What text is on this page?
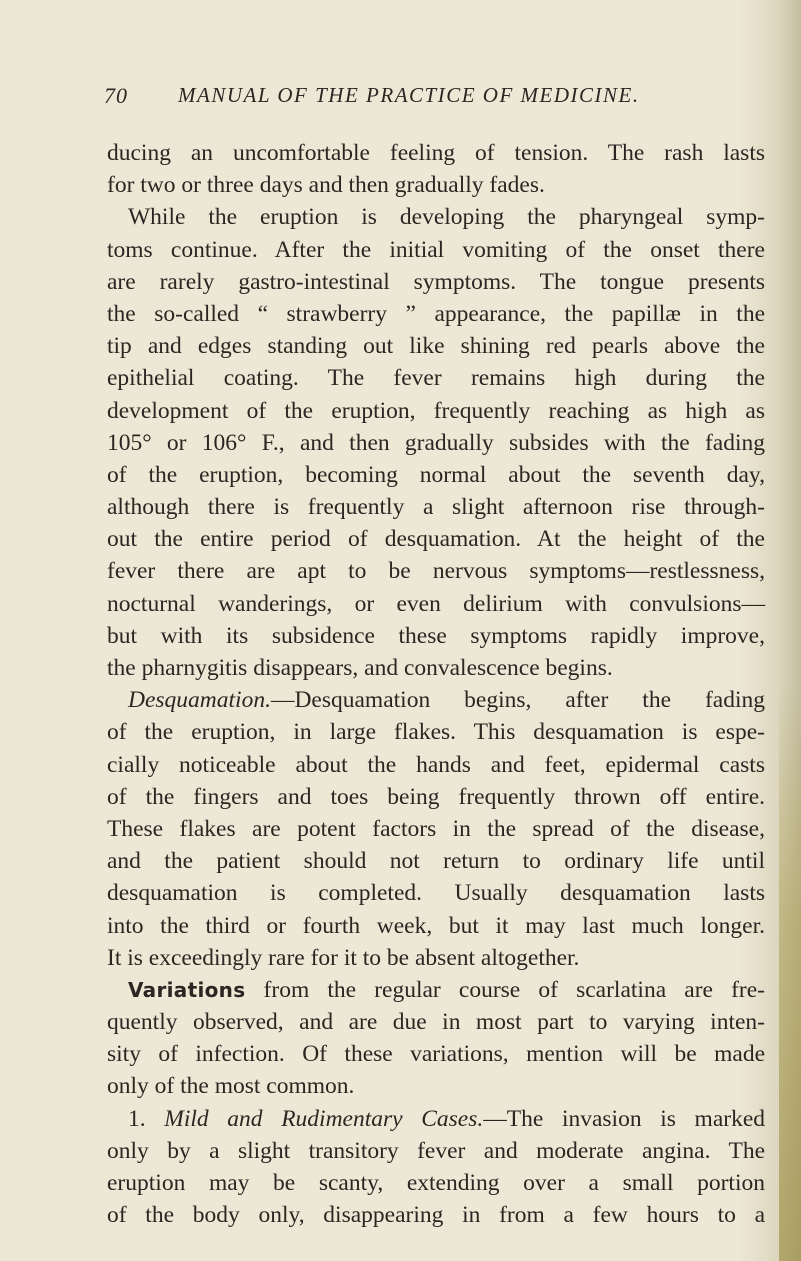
70 MANUAL OF THE PRACTICE OF MEDICINE.
ducing an uncomfortable feeling of tension. The rash lasts
for two or three days and then gradually fades.
While the eruption is developing the pharyngeal symp-
toms continue. After the initial vomiting of the onset there
are rarely gastro-intestinal symptoms. The tongue presents
the so-called “ strawberry ” appearance, the papillæ in the
tip and edges standing out like shining red pearls above the
epithelial coating. The fever remains high during the
development of the eruption, frequently reaching as high as
105° or 106° F., and then gradually subsides with the fading
of the eruption, becoming normal about the seventh day,
although there is frequently a slight afternoon rise through-
out the entire period of desquamation. At the height of the
fever there are apt to be nervous symptoms—restlessness,
nocturnal wanderings, or even delirium with convulsions—
but with its subsidence these symptoms rapidly improve,
the pharnygitis disappears, and convalescence begins.
Desquamation.—Desquamation begins, after the fading
of the eruption, in large flakes. This desquamation is espe-
cially noticeable about the hands and feet, epidermal casts
of the fingers and toes being frequently thrown off entire.
These flakes are potent factors in the spread of the disease,
and the patient should not return to ordinary life until
desquamation is completed. Usually desquamation lasts
into the third or fourth week, but it may last much longer.
It is exceedingly rare for it to be absent altogether.
Variations from the regular course of scarlatina are fre-
quently observed, and are due in most part to varying inten-
sity of infection. Of these variations, mention will be made
only of the most common.
1. Mild and Rudimentary Cases.—The invasion is marked
only by a slight transitory fever and moderate angina. The
eruption may be scanty, extending over a small portion
of the body only, disappearing in from a few hours to a
